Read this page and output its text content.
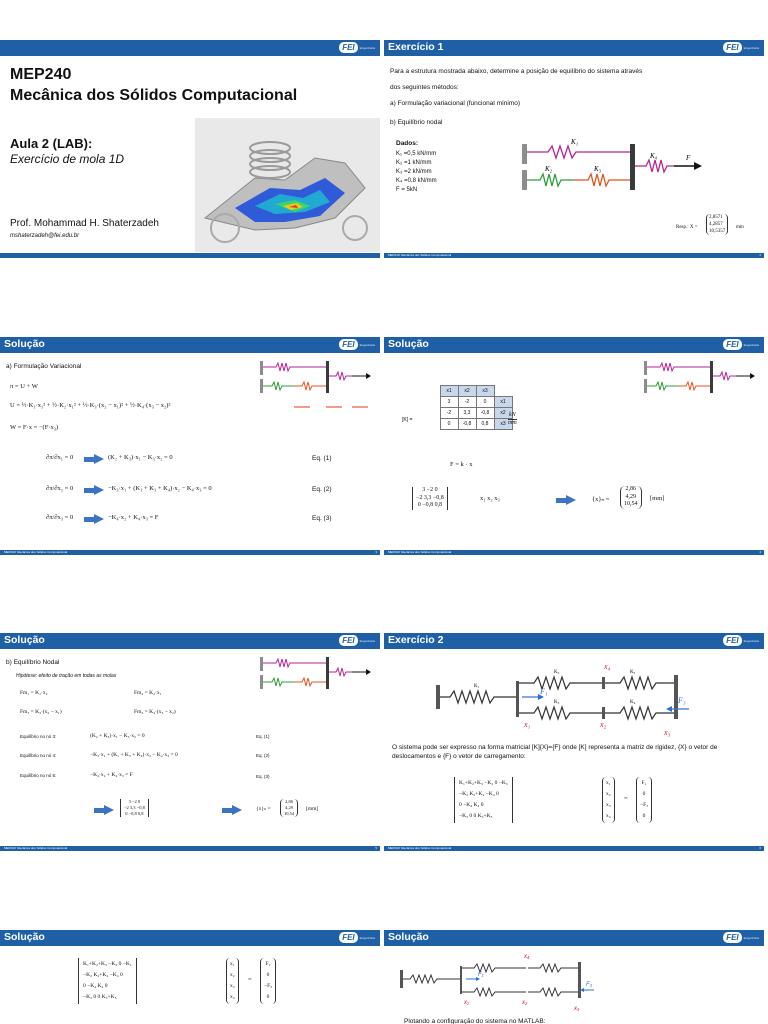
FEI	Engenharia
MEP240
Mecânica dos Sólidos Computacional
Aula 2 (LAB):
Exercício de mola 1D
Prof. Mohammad H. Shaterzadeh
mshaterzadeh@fei.edu.br
Exercício 1	FEI	Engenharia
Para a estrutura mostrada abaixo, determine a posição de equilíbrio do sistema através
dos seguintes métodos:
a) Formulação variacional (funcional mínimo)
b) Equilíbrio nodal
Dados:
K₁ =0,5 kN/mm
K₂ =1 kN/mm
K₃ =2 kN/mm
K₄ =0,8 kN/mm
F = 5kN
K₁
K₂	K₃
K₄	F
Resp.: X =
2,8571
4,2857
10,5357
mm
MEP240: Mecânica dos Sólidos Computacional	2
Solução	FEI	Engenharia
a) Formulação Variacional
π = U + W
U = ½·K₁·x₁² + ½·K₂·x₁² + ½·K₃·(x₂ − x₁)² + ½·K₄·(x₃ − x₂)²
W = F·x = −(F·x₃)
∂π/∂x₁ = 0	(K₂ + K₃)·x₁ − K₃·x₂ = 0	Eq. (1)
∂π/∂x₂ = 0	−K₃·x₁ + (K₁ + K₃ + K₄)·x₂ − K₄·x₃ = 0	Eq. (2)
∂π/∂x₃ = 0	−K₄·x₂ + K₄·x₃ = F	Eq. (3)
MEP240: Mecânica dos Sólidos Computacional	3
Solução	FEI	Engenharia
[K] =
	x1	x2	x3	
	3	-2	0	x1
	-2	3,3	-0,8	x2
	0	-0,8	0,8	x3
kN
mm
F = k · x
3 −2 0
−2 3,3 −0,8
0 −0,8 0,8
x₁ x₂ x₃	{x}ₙ =
2,86
4,29
10,54
[mm]
MEP240: Mecânica dos Sólidos Computacional	4
Solução	FEI	Engenharia
b) Equilíbrio Nodal
Hipótese: efeito de tração em todas as molas
Fm₁ = K₁·x₂	Fm₂ = K₂·x₁
Fm₃ = K₃·(x₂ − x₁)	Fm₄ = K₄·(x₃ − x₂)
Equilíbrio no nó 3:	(K₂ + K₃)·x₁ − K₃·x₂ = 0	Eq. (1)
Equilíbrio no nó 4:	−K₃·x₁ + (K₁ + K₃ + K₄)·x₂ − K₄·x₃ = 0	Eq. (2)
Equilíbrio no nó 5:	−K₄·x₂ + K₄·x₃ = F	Eq. (3)
3 −2 0
−2 3,3 −0,8
0 −0,8 0,8
{x}ₙ =
2,86
4,29
10,54
[mm]
MEP240: Mecânica dos Sólidos Computacional	5
Exercício 2	FEI	Engenharia
F₁
F₃
x₄
x₁	x₂
x₃
K₁
K₂	K₅
K₃	K₄
O sistema pode ser expresso na forma matricial [K]{X}={F} onde [K] representa a matriz de rigidez, {X} o vetor de deslocamentos e {F} o vetor de carregamento:
K₁+K₂+K₃ −K₂ 0 −K₃
−K₂ K₂+K₄ −K₄ 0
0 −K₄ K₄ 0
−K₃ 0 0 K₃+K₅
x₁
x₂
x₃
x₄
=
F₁
0
−F₃
0
MEP240: Mecânica dos Sólidos Computacional	6
Solução	FEI	Engenharia
K₁+K₂+K₃ −K₂ 0 −K₁
−K₂ K₂+K₄ −K₄ 0
0 −K₄ K₄ 0
−K₃ 0 0 K₃+K₅
x₁
x₂
x₃
x₄
=
F₁
0
−F₃
0
Solução	FEI	Engenharia
F₁
F₃
x₄
x₁	x₂
x₃
Plotando a configuração do sistema no MATLAB:
